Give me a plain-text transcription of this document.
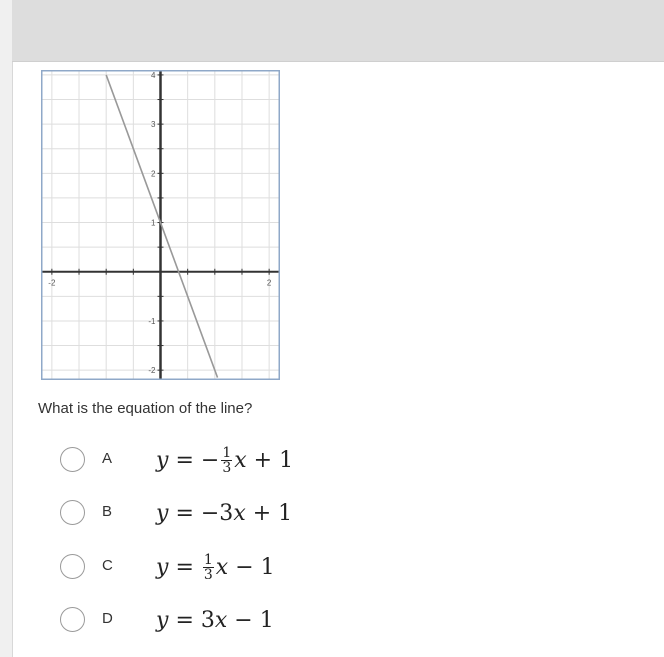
-2	2
4
3
2
1
-1
-2
What is the equation of the line?
A y = − $\frac{1}{3}$ x + 1
B y = −3 x + 1
C $y = \frac{1}{3}$ x − 1
D y = 3 x − 1
